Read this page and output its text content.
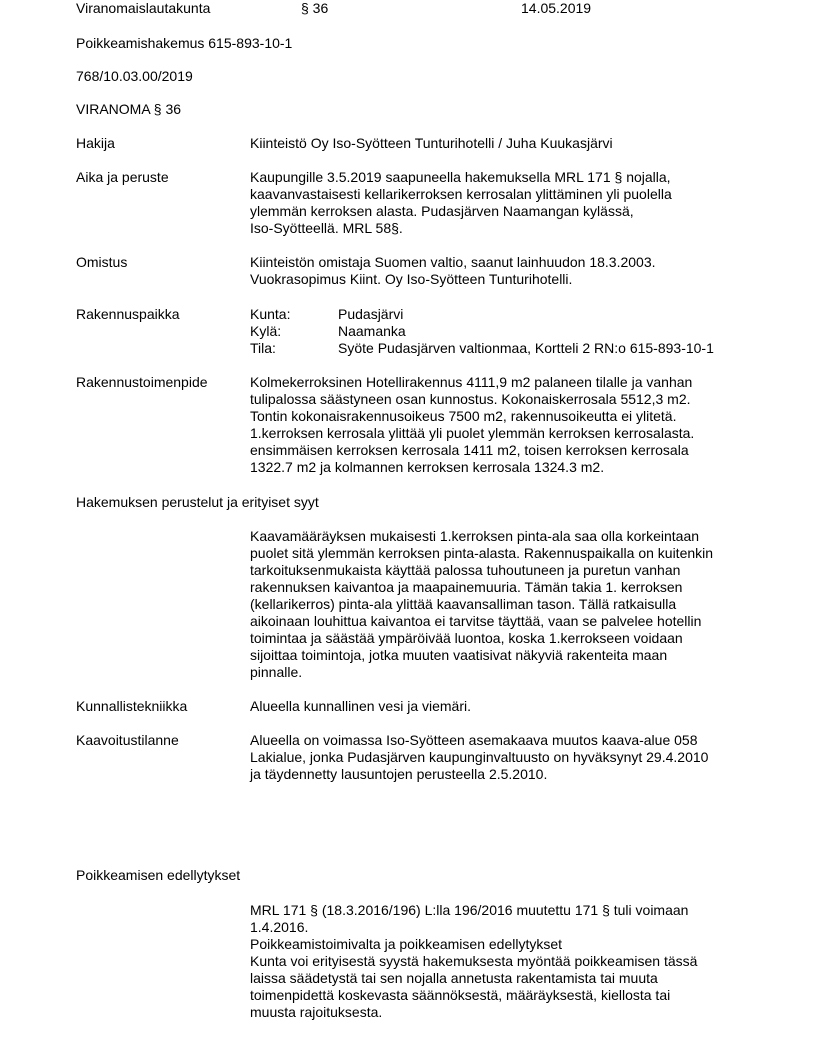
Viranomaislautakunta	§ 36	14.05.2019
Poikkeamishakemus 615-893-10-1
768/10.03.00/2019
VIRANOMA § 36
Hakija	Kiinteistö Oy Iso-Syötteen Tunturihotelli / Juha Kuukasjärvi
Aika ja peruste	Kaupungille 3.5.2019 saapuneella hakemuksella MRL 171 § nojalla,
kaavanvastaisesti kellarikerroksen kerrosalan ylittäminen yli puolella
ylemmän kerroksen alasta. Pudasjärven Naamangan kylässä,
Iso-Syötteellä. MRL 58§.
Omistus	Kiinteistön omistaja Suomen valtio, saanut lainhuudon 18.3.2003.
Vuokrasopimus Kiint. Oy Iso-Syötteen Tunturihotelli.
Rakennuspaikka	Kunta:	Pudasjärvi
Kylä:	Naamanka
Tila:	Syöte Pudasjärven valtionmaa, Kortteli 2 RN:o 615-893-10-1
Rakennustoimenpide	Kolmekerroksinen Hotellirakennus 4111,9 m2 palaneen tilalle ja vanhan
tulipalossa säästyneen osan kunnostus. Kokonaiskerrosala 5512,3 m2.
Tontin kokonaisrakennusoikeus 7500 m2, rakennusoikeutta ei ylitetä.
1.kerroksen kerrosala ylittää yli puolet ylemmän kerroksen kerrosalasta.
ensimmäisen kerroksen kerrosala 1411 m2, toisen kerroksen kerrosala
1322.7 m2 ja kolmannen kerroksen kerrosala 1324.3 m2.
Hakemuksen perustelut ja erityiset syyt
Kaavamääräyksen mukaisesti 1.kerroksen pinta-ala saa olla korkeintaan
puolet sitä ylemmän kerroksen pinta-alasta. Rakennuspaikalla on kuitenkin
tarkoituksenmukaista käyttää palossa tuhoutuneen ja puretun vanhan
rakennuksen kaivantoa ja maapainemuuria. Tämän takia 1. kerroksen
(kellarikerros) pinta-ala ylittää kaavansalliman tason. Tällä ratkaisulla
aikoinaan louhittua kaivantoa ei tarvitse täyttää, vaan se palvelee hotellin
toimintaa ja säästää ympäröivää luontoa, koska 1.kerrokseen voidaan
sijoittaa toimintoja, jotka muuten vaatisivat näkyviä rakenteita maan
pinnalle.
Kunnallistekniikka	Alueella kunnallinen vesi ja viemäri.
Kaavoitustilanne	Alueella on voimassa Iso-Syötteen asemakaava muutos kaava-alue 058
Lakialue, jonka Pudasjärven kaupunginvaltuusto on hyväksynyt 29.4.2010
ja täydennetty lausuntojen perusteella 2.5.2010.
Poikkeamisen edellytykset
MRL 171 § (18.3.2016/196) L:lla 196/2016 muutettu 171 § tuli voimaan
1.4.2016.
Poikkeamistoimivalta ja poikkeamisen edellytykset
Kunta voi erityisestä syystä hakemuksesta myöntää poikkeamisen tässä
laissa säädetystä tai sen nojalla annetusta rakentamista tai muuta
toimenpidettä koskevasta säännöksestä, määräyksestä, kiellosta tai
muusta rajoituksesta.
